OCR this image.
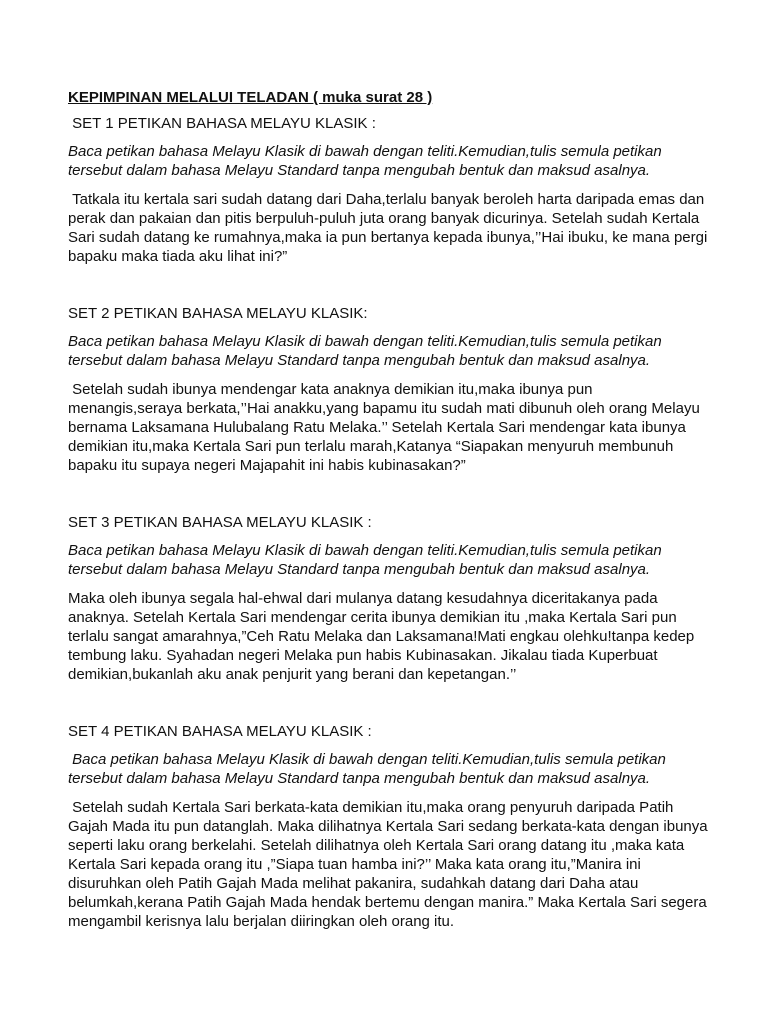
KEPIMPINAN MELALUI TELADAN ( muka surat 28 )

SET 1 PETIKAN BAHASA MELAYU KLASIK :

Baca petikan bahasa Melayu Klasik di bawah dengan teliti.Kemudian,tulis semula petikan tersebut dalam bahasa Melayu Standard tanpa mengubah bentuk dan maksud asalnya.

Tatkala itu kertala sari sudah datang dari Daha,terlalu banyak beroleh harta daripada emas dan perak dan pakaian dan pitis berpuluh-puluh juta orang banyak dicurinya. Setelah sudah Kertala Sari sudah datang ke rumahnya,maka ia pun bertanya kepada ibunya,’’Hai ibuku, ke mana pergi bapaku maka tiada aku lihat ini?”

SET 2 PETIKAN BAHASA MELAYU KLASIK:

Baca petikan bahasa Melayu Klasik di bawah dengan teliti.Kemudian,tulis semula petikan tersebut dalam bahasa Melayu Standard tanpa mengubah bentuk dan maksud asalnya.

Setelah sudah ibunya mendengar kata anaknya demikian itu,maka ibunya pun menangis,seraya berkata,’’Hai anakku,yang bapamu itu sudah mati dibunuh oleh orang Melayu bernama Laksamana Hulubalang Ratu Melaka.’’ Setelah Kertala Sari mendengar kata ibunya demikian itu,maka Kertala Sari pun terlalu marah,Katanya “Siapakan menyuruh membunuh bapaku itu supaya negeri Majapahit ini habis kubinasakan?”

SET 3 PETIKAN BAHASA MELAYU KLASIK :

Baca petikan bahasa Melayu Klasik di bawah dengan teliti.Kemudian,tulis semula petikan tersebut dalam bahasa Melayu Standard tanpa mengubah bentuk dan maksud asalnya.

Maka oleh ibunya segala hal-ehwal dari mulanya datang kesudahnya diceritakanya pada anaknya. Setelah Kertala Sari mendengar cerita ibunya demikian itu ,maka Kertala Sari pun terlalu sangat amarahnya,”Ceh Ratu Melaka dan Laksamana!Mati engkau olehku!tanpa kedep tembung laku. Syahadan negeri Melaka pun habis Kubinasakan. Jikalau tiada Kuperbuat demikian,bukanlah aku anak penjurit yang berani dan kepetangan.’’

SET 4 PETIKAN BAHASA MELAYU KLASIK :

Baca petikan bahasa Melayu Klasik di bawah dengan teliti.Kemudian,tulis semula petikan tersebut dalam bahasa Melayu Standard tanpa mengubah bentuk dan maksud asalnya.

Setelah sudah Kertala Sari berkata-kata demikian itu,maka orang penyuruh daripada Patih Gajah Mada itu pun datanglah. Maka dilihatnya Kertala Sari sedang berkata-kata dengan ibunya seperti laku orang berkelahi. Setelah dilihatnya oleh Kertala Sari orang datang itu ,maka kata Kertala Sari kepada orang itu ,”Siapa tuan hamba ini?’’ Maka kata orang itu,”Manira ini disuruhkan oleh Patih Gajah Mada melihat pakanira, sudahkah datang dari Daha atau belumkah,kerana Patih Gajah Mada hendak bertemu dengan manira.” Maka Kertala Sari segera mengambil kerisnya lalu berjalan diiringkan oleh orang itu.
